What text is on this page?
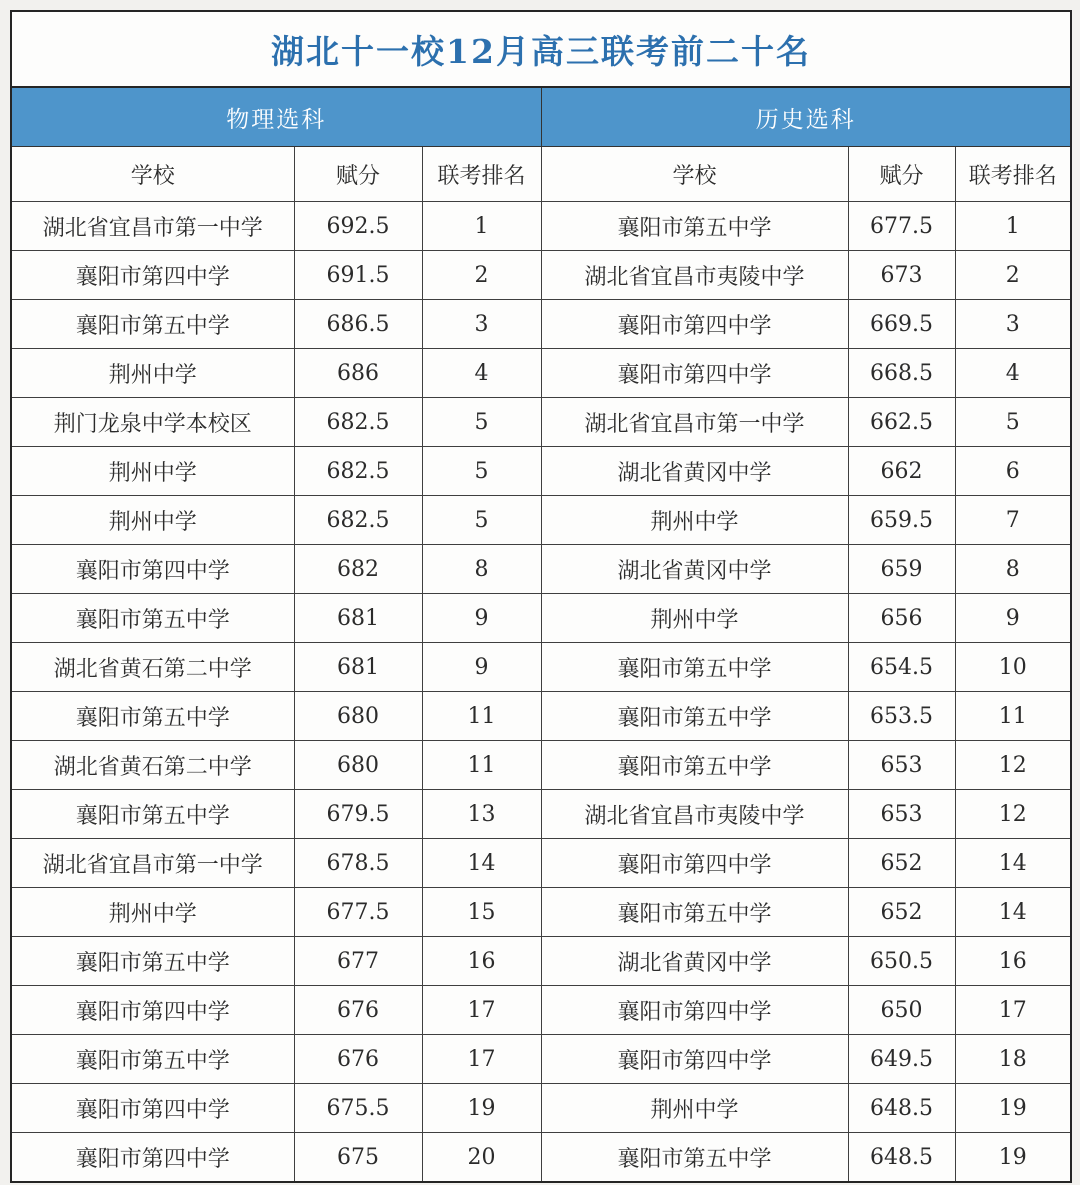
湖北十一校12月高三联考前二十名					
物理选科			历史选科		
学校	赋分	联考排名	学校	赋分	联考排名
湖北省宜昌市第一中学	692.5	1	襄阳市第五中学	677.5	1
襄阳市第四中学	691.5	2	湖北省宜昌市夷陵中学	673	2
襄阳市第五中学	686.5	3	襄阳市第四中学	669.5	3
荆州中学	686	4	襄阳市第四中学	668.5	4
荆门龙泉中学本校区	682.5	5	湖北省宜昌市第一中学	662.5	5
荆州中学	682.5	5	湖北省黄冈中学	662	6
荆州中学	682.5	5	荆州中学	659.5	7
襄阳市第四中学	682	8	湖北省黄冈中学	659	8
襄阳市第五中学	681	9	荆州中学	656	9
湖北省黄石第二中学	681	9	襄阳市第五中学	654.5	10
襄阳市第五中学	680	11	襄阳市第五中学	653.5	11
湖北省黄石第二中学	680	11	襄阳市第五中学	653	12
襄阳市第五中学	679.5	13	湖北省宜昌市夷陵中学	653	12
湖北省宜昌市第一中学	678.5	14	襄阳市第四中学	652	14
荆州中学	677.5	15	襄阳市第五中学	652	14
襄阳市第五中学	677	16	湖北省黄冈中学	650.5	16
襄阳市第四中学	676	17	襄阳市第四中学	650	17
襄阳市第五中学	676	17	襄阳市第四中学	649.5	18
襄阳市第四中学	675.5	19	荆州中学	648.5	19
襄阳市第四中学	675	20	襄阳市第五中学	648.5	19
